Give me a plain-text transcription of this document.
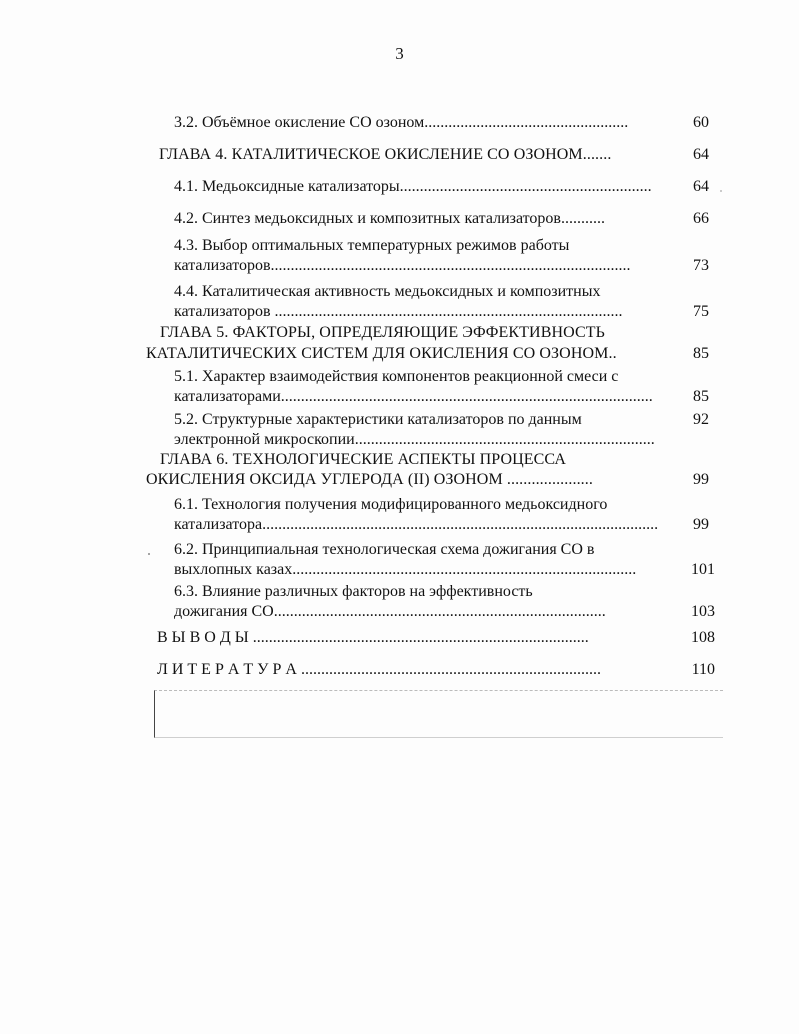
3
3.2. Объёмное окисление СО озоном...................................................	60
ГЛАВА 4. КАТАЛИТИЧЕСКОЕ ОКИСЛЕНИЕ СО ОЗОНОМ.......	64
4.1. Медьоксидные катализаторы...............................................................	64
4.2. Синтез медьоксидных и композитных катализаторов...........	66
4.3. Выбор оптимальных температурных режимов работы
катализаторов..........................................................................................	73
4.4. Каталитическая активность медьоксидных и композитных
катализаторов .......................................................................................	75
ГЛАВА 5. ФАКТОРЫ, ОПРЕДЕЛЯЮЩИЕ ЭФФЕКТИВНОСТЬ
КАТАЛИТИЧЕСКИХ СИСТЕМ ДЛЯ ОКИСЛЕНИЯ СО ОЗОНОМ..	85
5.1. Характер взаимодействия компонентов реакционной смеси с
катализаторами.............................................................................................	85
5.2. Структурные характеристики катализаторов по данным	92
электронной микроскопии...........................................................................
ГЛАВА 6. ТЕХНОЛОГИЧЕСКИЕ АСПЕКТЫ ПРОЦЕССА
ОКИСЛЕНИЯ ОКСИДА УГЛЕРОДА (II) ОЗОНОМ .....................	99
6.1. Технология получения модифицированного медьоксидного
катализатора...................................................................................................	99
6.2. Принципиальная технологическая схема дожигания СО в
выхлопных казах......................................................................................	101
6.3. Влияние различных факторов на эффективность
дожигания СО...................................................................................	103
В Ы В О Д Ы ....................................................................................	108
Л И Т Е Р А Т У Р А ...........................................................................	110
